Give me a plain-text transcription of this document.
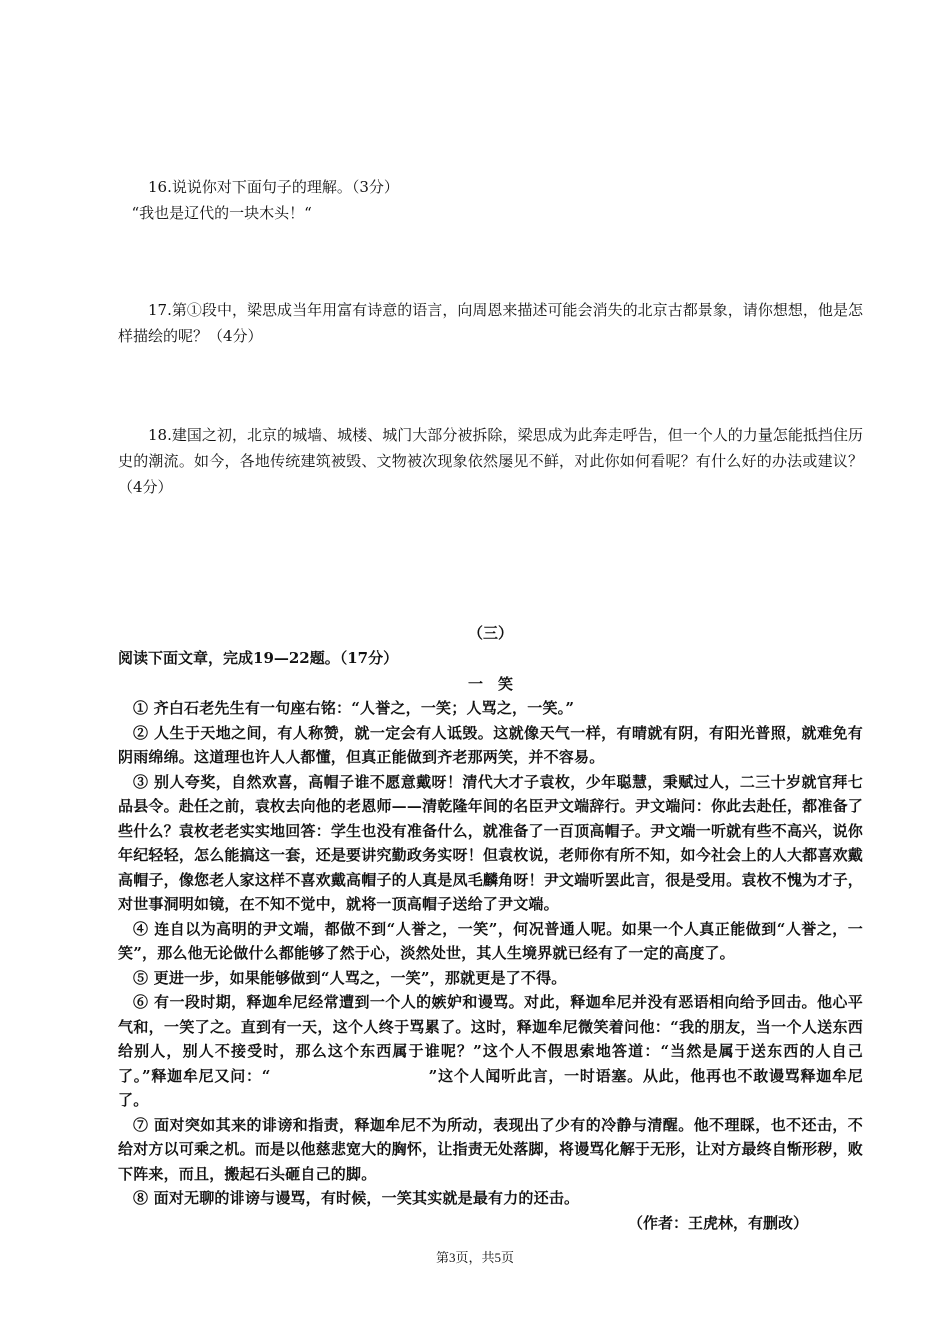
16.说说你对下面句子的理解。（3分）

“我也是辽代的一块木头！“

17.第①段中，梁思成当年用富有诗意的语言，向周恩来描述可能会消失的北京古都景象，请你想想，他是怎样描绘的呢？（4分）

18.建国之初，北京的城墙、城楼、城门大部分被拆除，梁思成为此奔走呼告，但一个人的力量怎能抵挡住历史的潮流。如今，各地传统建筑被毁、文物被次现象依然屡见不鲜，对此你如何看呢？有什么好的办法或建议？（4分）

（三）
阅读下面文章，完成19—22题。（17分）
一　笑

① 齐白石老先生有一句座右铭：“人誉之，一笑；人骂之，一笑。”

② 人生于天地之间，有人称赞，就一定会有人诋毁。这就像天气一样，有晴就有阴，有阳光普照，就难免有阴雨绵绵。这道理也许人人都懂，但真正能做到齐老那两笑，并不容易。

③ 别人夸奖，自然欢喜，高帽子谁不愿意戴呀！清代大才子袁枚，少年聪慧，秉赋过人，二三十岁就官拜七品县令。赴任之前，袁枚去向他的老恩师——清乾隆年间的名臣尹文端辞行。尹文端问：你此去赴任，都准备了些什么？袁枚老老实实地回答：学生也没有准备什么，就准备了一百顶高帽子。尹文端一听就有些不高兴，说你年纪轻轻，怎么能搞这一套，还是要讲究勤政务实呀！但袁枚说，老师你有所不知，如今社会上的人大都喜欢戴高帽子，像您老人家这样不喜欢戴高帽子的人真是凤毛麟角呀！尹文端听罢此言，很是受用。袁枚不愧为才子，对世事洞明如镜，在不知不觉中，就将一顶高帽子送给了尹文端。

④ 连自以为高明的尹文端，都做不到“人誉之，一笑”，何况普通人呢。如果一个人真正能做到“人誉之，一笑”，那么他无论做什么都能够了然于心，淡然处世，其人生境界就已经有了一定的高度了。

⑤ 更进一步，如果能够做到“人骂之，一笑”，那就更是了不得。

⑥ 有一段时期，释迦牟尼经常遭到一个人的嫉妒和谩骂。对此，释迦牟尼并没有恶语相向给予回击。他心平气和，一笑了之。直到有一天，这个人终于骂累了。这时，释迦牟尼微笑着问他：“我的朋友，当一个人送东西给别人，别人不接受时，那么这个东西属于谁呢？”这个人不假思索地答道：“当然是属于送东西的人自己了。”释迦牟尼又问：“　　　　　　　　　　”这个人闻听此言，一时语塞。从此，他再也不敢谩骂释迦牟尼了。

⑦ 面对突如其来的诽谤和指责，释迦牟尼不为所动，表现出了少有的冷静与清醒。他不理睬，也不还击，不给对方以可乘之机。而是以他慈悲宽大的胸怀，让指责无处落脚，将谩骂化解于无形，让对方最终自惭形秽，败下阵来，而且，搬起石头砸自己的脚。

⑧ 面对无聊的诽谤与谩骂，有时候，一笑其实就是最有力的还击。

（作者：王虎林，有删改）
第3页，共5页
